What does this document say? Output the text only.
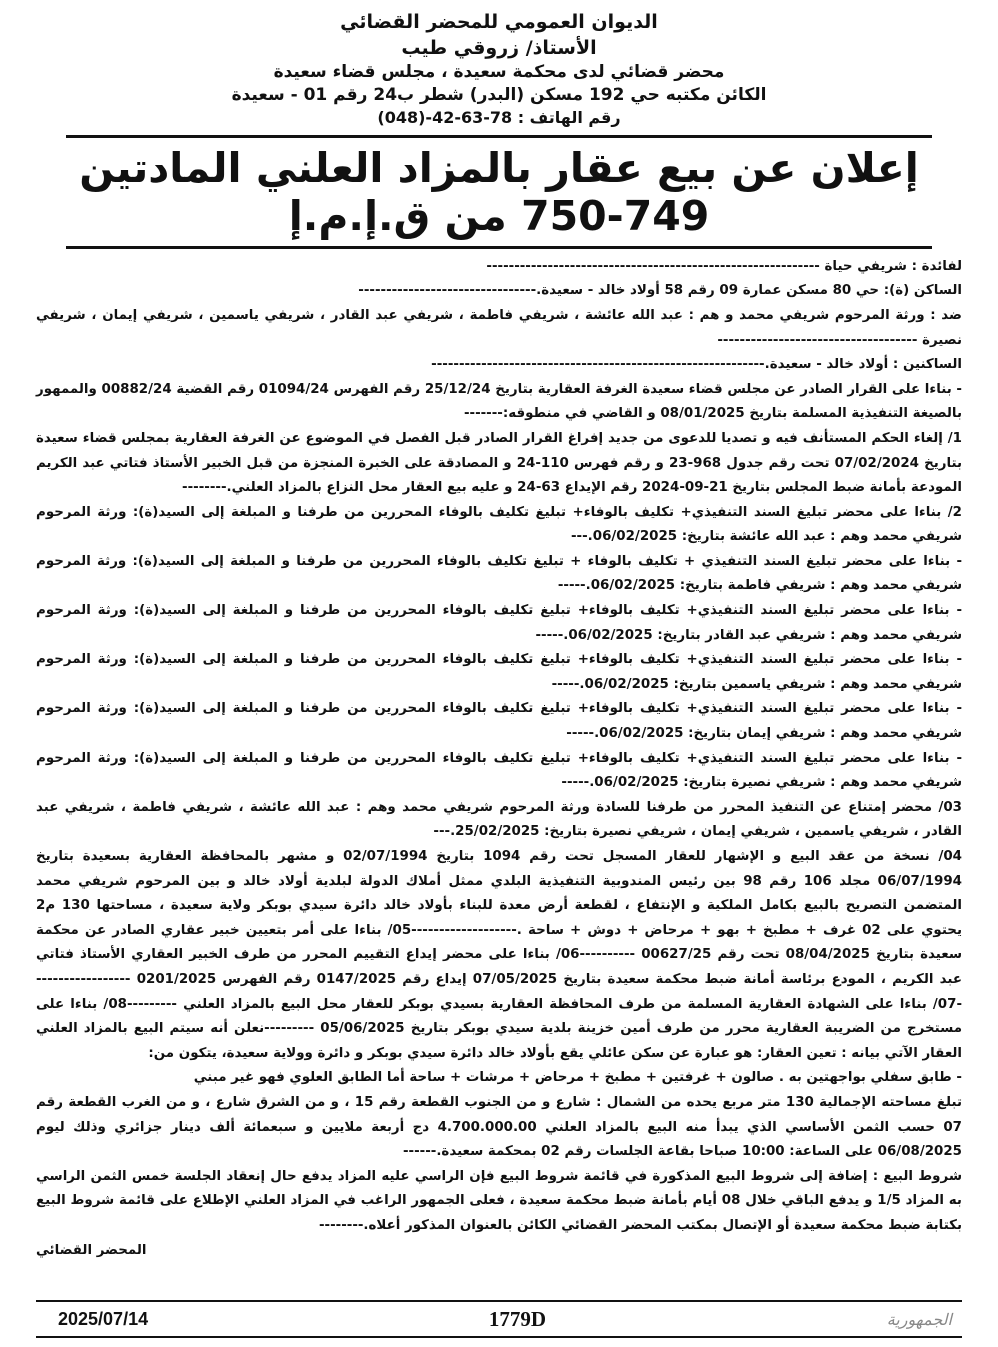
الديوان العمومي للمحضر القضائي
الأستاذ/ زروقي طيب
محضر قضائي لدى محكمة سعيدة ، مجلس قضاء سعيدة
الكائن مكتبه حي 192 مسكن (البدر) شطر ب24 رقم 01 - سعيدة
رقم الهاتف : 78-63-42-(048)
إعلان عن بيع عقار بالمزاد العلني المادتين 749-750 من ق.إ.م.إ

لفائدة : شريفي حياة ------------------------------------------------------------

الساكن (ة): حي 80 مسكن عمارة 09 رقم 58 أولاد خالد - سعيدة.--------------------------------

ضد : ورثة المرحوم شريفي محمد و هم : عبد الله عائشة ، شريفي فاطمة ، شريفي عبد القادر ، شريفي ياسمين ، شريفي إيمان ، شريفي نصيرة ------------------------------------

الساكنين : أولاد خالد - سعيدة.------------------------------------------------------------

- بناءا على القرار الصادر عن مجلس قضاء سعيدة الغرفة العقارية بتاريخ 25/12/24 رقم الفهرس 01094/24 رقم القضية 00882/24 والممهور بالصيغة التنفيذية المسلمة بتاريخ 08/01/2025 و القاضي في منطوقه:-------

1/ إلغاء الحكم المستأنف فيه و تصديا للدعوى من جديد إفراغ القرار الصادر قبل الفصل في الموضوع عن الغرفة العقارية بمجلس قضاء سعيدة بتاريخ 07/02/2024 تحت رقم جدول 968-23 و رقم فهرس 110-24 و المصادقة على الخبرة المنجزة من قبل الخبير الأستاذ فتاتي عبد الكريم المودعة بأمانة ضبط المجلس بتاريخ 21-09-2024 رقم الإيداع 63-24 و عليه بيع العقار محل النزاع بالمزاد العلني.--------

2/ بناءا على محضر تبليغ السند التنفيذي+ تكليف بالوفاء+ تبليغ تكليف بالوفاء المحررين من طرفنا و المبلغة إلى السيد(ة): ورثة المرحوم شريفي محمد وهم : عبد الله عائشة بتاريخ: 06/02/2025.---

- بناءا على محضر تبليغ السند التنفيذي + تكليف بالوفاء + تبليغ تكليف بالوفاء المحررين من طرفنا و المبلغة إلى السيد(ة): ورثة المرحوم شريفي محمد وهم : شريفي فاطمة بتاريخ: 06/02/2025.-----

- بناءا على محضر تبليغ السند التنفيذي+ تكليف بالوفاء+ تبليغ تكليف بالوفاء المحررين من طرفنا و المبلغة إلى السيد(ة): ورثة المرحوم شريفي محمد وهم : شريفي عبد القادر بتاريخ: 06/02/2025.-----

- بناءا على محضر تبليغ السند التنفيذي+ تكليف بالوفاء+ تبليغ تكليف بالوفاء المحررين من طرفنا و المبلغة إلى السيد(ة): ورثة المرحوم شريفي محمد وهم : شريفي ياسمين بتاريخ: 06/02/2025.-----

- بناءا على محضر تبليغ السند التنفيذي+ تكليف بالوفاء+ تبليغ تكليف بالوفاء المحررين من طرفنا و المبلغة إلى السيد(ة): ورثة المرحوم شريفي محمد وهم : شريفي إيمان بتاريخ: 06/02/2025.-----

- بناءا على محضر تبليغ السند التنفيذي+ تكليف بالوفاء+ تبليغ تكليف بالوفاء المحررين من طرفنا و المبلغة إلى السيد(ة): ورثة المرحوم شريفي محمد وهم : شريفي نصيرة بتاريخ: 06/02/2025.-----

03/ محضر إمتناع عن التنفيذ المحرر من طرفنا للسادة ورثة المرحوم شريفي محمد وهم : عبد الله عائشة ، شريفي فاطمة ، شريفي عبد القادر ، شريفي ياسمين ، شريفي إيمان ، شريفي نصيرة بتاريخ: 25/02/2025.---

04/ نسخة من عقد البيع و الإشهار للعقار المسجل تحت رقم 1094 بتاريخ 02/07/1994 و مشهر بالمحافظة العقارية بسعيدة بتاريخ 06/07/1994 مجلد 106 رقم 98 بين رئيس المندوبية التنفيذية البلدي ممثل أملاك الدولة لبلدية أولاد خالد و بين المرحوم شريفي محمد المتضمن التصريح بالبيع بكامل الملكية و الإنتفاع ، لقطعة أرض معدة للبناء بأولاد خالد دائرة سيدي بوبكر ولاية سعيدة ، مساحتها 130 م2 يحتوي على 02 غرف + مطبخ + بهو + مرحاض + دوش + ساحة .-------------------05/ بناءا على أمر بتعيين خبير عقاري الصادر عن محكمة سعيدة بتاريخ 08/04/2025 تحت رقم 00627/25 ----------06/ بناءا على محضر إيداع التقييم المحرر من طرف الخبير العقاري الأستاذ فتاتي عبد الكريم ، المودع برئاسة أمانة ضبط محكمة سعيدة بتاريخ 07/05/2025 إيداع رقم 0147/2025 رقم الفهرس 0201/2025 ------------------07/ بناءا على الشهادة العقارية المسلمة من طرف المحافظة العقارية بسيدي بوبكر للعقار محل البيع بالمزاد العلني ---------08/ بناءا على مستخرج من الضريبة العقارية محرر من طرف أمين خزينة بلدية سيدي بوبكر بتاريخ 05/06/2025 ---------نعلن أنه سيتم البيع بالمزاد العلني العقار الآتي بيانه : تعين العقار: هو عبارة عن سكن عائلي يقع بأولاد خالد دائرة سيدي بوبكر و دائرة وولاية سعيدة، يتكون من:

- طابق سفلي بواجهتين به . صالون + غرفتين + مطبخ + مرحاض + مرشات + ساحة أما الطابق العلوي فهو غير مبني

تبلغ مساحته الإجمالية 130 متر مربع يحده من الشمال : شارع و من الجنوب القطعة رقم 15 ، و من الشرق شارع ، و من الغرب القطعة رقم 07 حسب الثمن الأساسي الذي يبدأ منه البيع بالمزاد العلني 4.700.000.00 دج أربعة ملايين و سبعمائة ألف دينار جزائري وذلك ليوم 06/08/2025 على الساعة: 10:00 صباحا بقاعة الجلسات رقم 02 بمحكمة سعيدة.------

شروط البيع : إضافة إلى شروط البيع المذكورة في قائمة شروط البيع فإن الراسي عليه المزاد يدفع حال إنعقاد الجلسة خمس الثمن الراسي به المزاد 1/5 و يدفع الباقي خلال 08 أيام بأمانة ضبط محكمة سعيدة ، فعلى الجمهور الراغب في المزاد العلني الإطلاع على قائمة شروط البيع بكتابة ضبط محكمة سعيدة أو الإتصال بمكتب المحضر القضائي الكائن بالعنوان المذكور أعلاه.--------

المحضر القضائي

2025/07/14	1779D	الجمهورية
